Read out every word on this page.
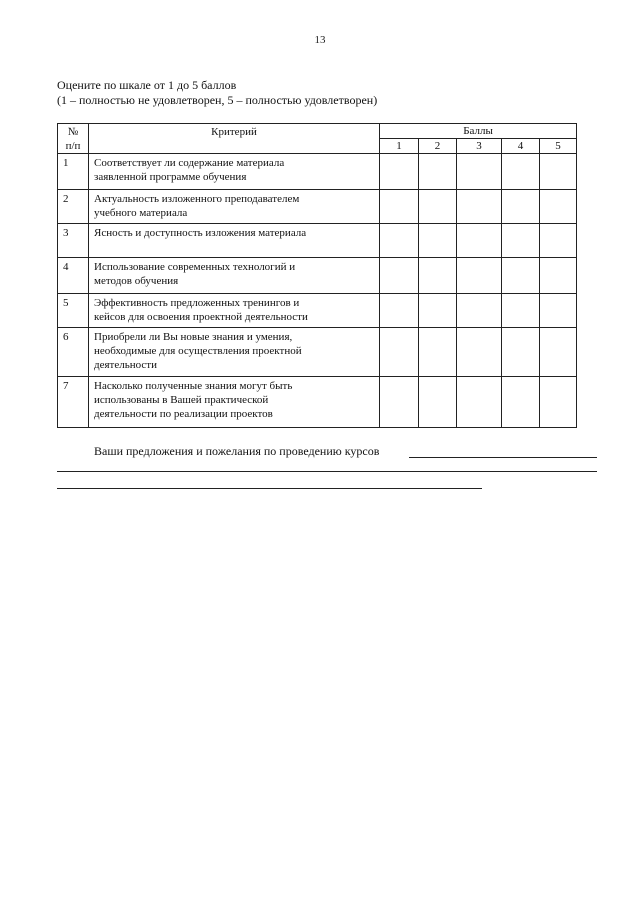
13
Оцените по шкале от 1 до 5 баллов
(1 – полностью не удовлетворен, 5 – полностью удовлетворен)
№
п/п	Критерий	Баллы				
		1	2	3	4	5
1	Соответствует ли содержание материала
заявленной программе обучения					

2	Актуальность изложенного преподавателем
учебного материала					

3	Ясность и доступность изложения материала					

4	Использование современных технологий и
методов обучения					

5	Эффективность предложенных тренингов и
кейсов для освоения проектной деятельности					

6	Приобрели ли Вы новые знания и умения,
необходимые для осуществления проектной
деятельности					

7	Насколько полученные знания могут быть
использованы в Вашей практической
деятельности по реализации проектов					

Ваши предложения и пожелания по проведению курсов
